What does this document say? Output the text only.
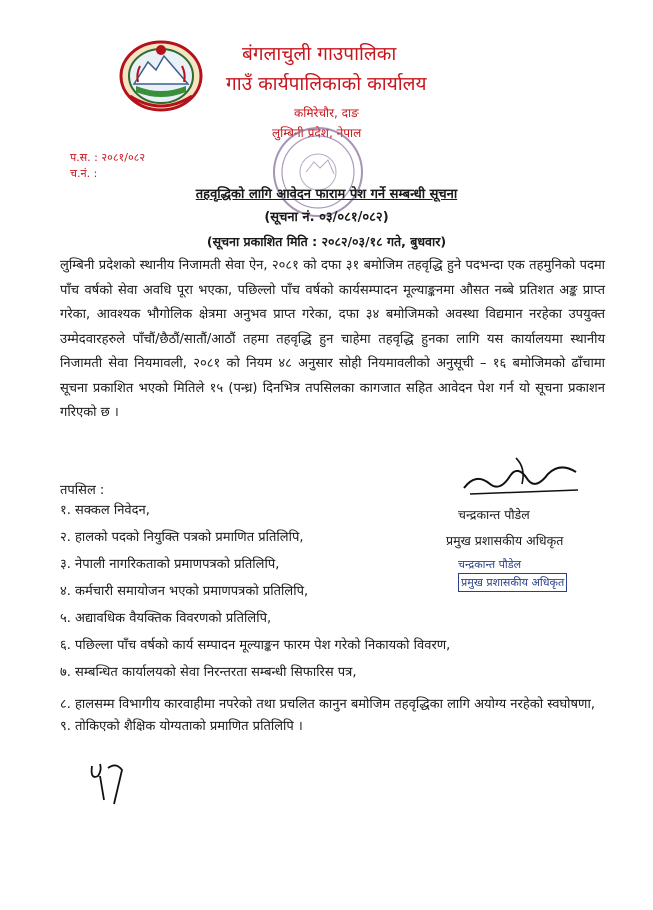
बंगलाचुली गाउपालिका
गाउँ कार्यपालिकाको कार्यालय
कमिरेचौर, दाङ
लुम्बिनी प्रदेश, नेपाल
प.स. : २०८१/०८२
च.नं. :
तहवृद्धिको लागि आवेदन फाराम पेश गर्ने सम्बन्धी सूचना
(सूचना नं. ०३/०८१/०८२)
(सूचना प्रकाशित मिति : २०८२/०३/१८ गते, बुधवार)
लुम्बिनी प्रदेशको स्थानीय निजामती सेवा ऐन, २०८१ को दफा ३१ बमोजिम तहवृद्धि हुने पदभन्दा एक तहमुनिको पदमा पाँच वर्षको सेवा अवधि पूरा भएका, पछिल्लो पाँच वर्षको कार्यसम्पादन मूल्याङ्कनमा औसत नब्बे प्रतिशत अङ्क प्राप्त गरेका, आवश्यक भौगोलिक क्षेत्रमा अनुभव प्राप्त गरेका, दफा ३४ बमोजिमको अवस्था विद्यमान नरहेका उपयुक्त उम्मेदवारहरुले पाँचौं/छैठौं/सातौं/आठौं तहमा तहवृद्धि हुन चाहेमा तहवृद्धि हुनका लागि यस कार्यालयमा स्थानीय निजामती सेवा नियमावली, २०८१ को नियम ४८ अनुसार सोही नियमावलीको अनुसूची – १६ बमोजिमको ढाँचामा सूचना प्रकाशित भएको मितिले १५ (पन्ध्र) दिनभित्र तपसिलका कागजात सहित आवेदन पेश गर्न यो सूचना प्रकाशन गरिएको छ ।
तपसिल :
१. सक्कल निवेदन,
२. हालको पदको नियुक्ति पत्रको प्रमाणित प्रतिलिपि,
३. नेपाली नागरिकताको प्रमाणपत्रको प्रतिलिपि,
४. कर्मचारी समायोजन भएको प्रमाणपत्रको प्रतिलिपि,
५. अद्यावधिक वैयक्तिक विवरणको प्रतिलिपि,
६. पछिल्ला पाँच वर्षको कार्य सम्पादन मूल्याङ्कन फारम पेश गरेको निकायको विवरण,
७. सम्बन्धित कार्यालयको सेवा निरन्तरता सम्बन्धी सिफारिस पत्र,
८. हालसम्म विभागीय कारवाहीमा नपरेको तथा प्रचलित कानुन बमोजिम तहवृद्धिका लागि अयोग्य नरहेको स्वघोषणा,
९. तोकिएको शैक्षिक योग्यताको प्रमाणित प्रतिलिपि ।
चन्द्रकान्त पौडेल
प्रमुख प्रशासकीय अधिकृत
चन्द्रकान्त पौडेल
प्रमुख प्रशासकीय अधिकृत
